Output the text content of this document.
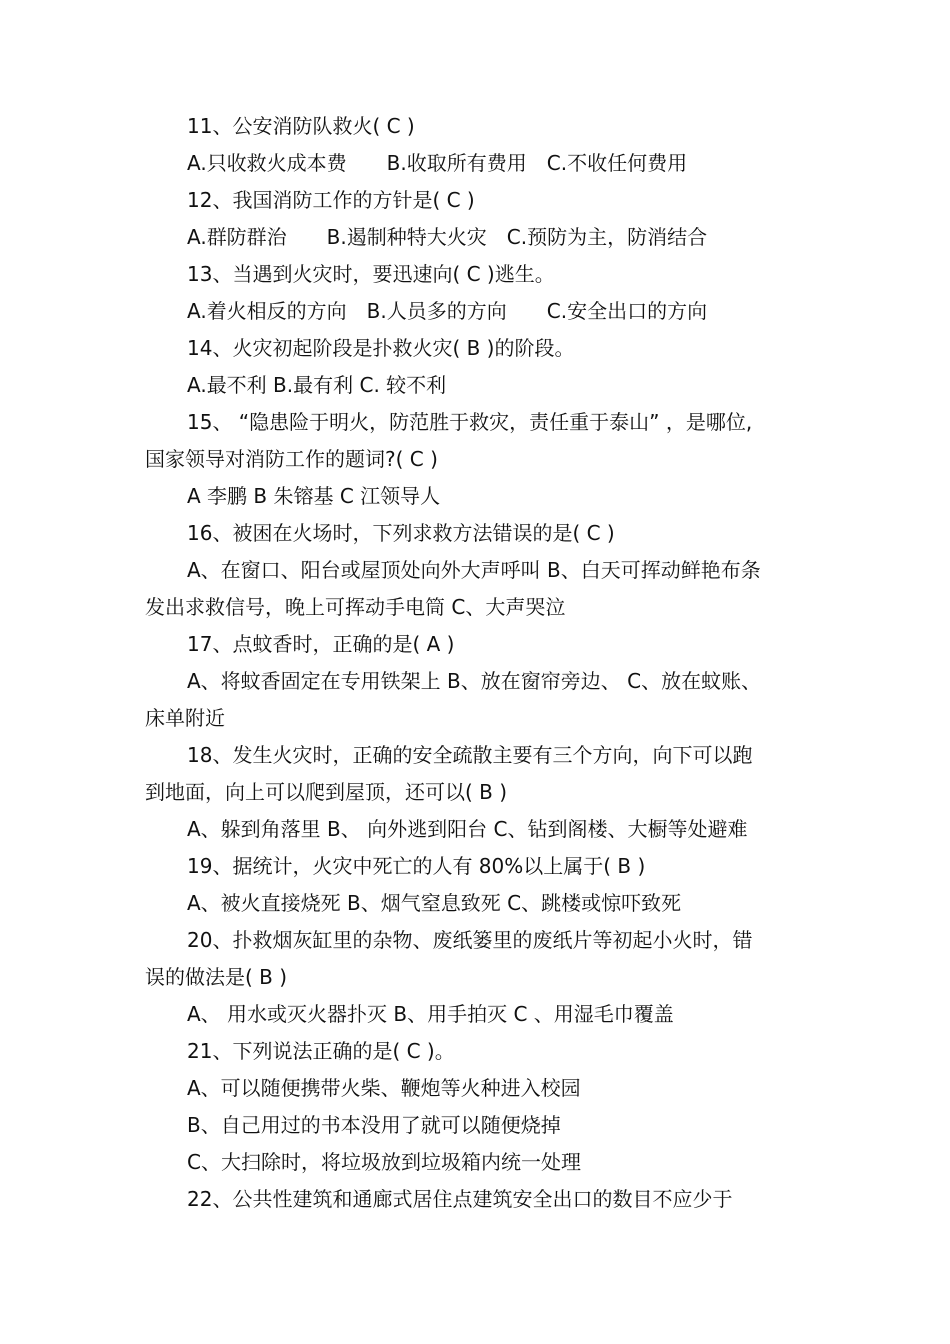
11、公安消防队救火( C )
A.只收救火成本费　 B.收取所有费用　C.不收任何费用
12、我国消防工作的方针是( C )
A.群防群治　 B.遏制种特大火灾　C.预防为主，防消结合
13、当遇到火灾时，要迅速向( C )逃生。
A.着火相反的方向　B.人员多的方向　 C.安全出口的方向
14、火灾初起阶段是扑救火灾( B )的阶段。
A.最不利 B.最有利 C. 较不利
15、 “隐患险于明火，防范胜于救灾，责任重于泰山” ，是哪位,
国家领导对消防工作的题词?( C )
A 李鹏 B 朱镕基 C 江领导人
16、被困在火场时，下列求救方法错误的是( C )
A、在窗口、阳台或屋顶处向外大声呼叫 B、白天可挥动鲜艳布条
发出求救信号，晚上可挥动手电筒 C、大声哭泣
17、点蚊香时，正确的是( A )
A、将蚊香固定在专用铁架上 B、放在窗帘旁边、 C、放在蚊账、
床单附近
18、发生火灾时，正确的安全疏散主要有三个方向，向下可以跑
到地面，向上可以爬到屋顶，还可以( B )
A、躲到角落里 B、 向外逃到阳台 C、钻到阁楼、大橱等处避难
19、据统计，火灾中死亡的人有 80%以上属于( B )
A、被火直接烧死 B、烟气窒息致死 C、跳楼或惊吓致死
20、扑救烟灰缸里的杂物、废纸篓里的废纸片等初起小火时，错
误的做法是( B )
A、 用水或灭火器扑灭 B、用手拍灭 C 、用湿毛巾覆盖
21、下列说法正确的是( C )。
A、可以随便携带火柴、鞭炮等火种进入校园
B、自己用过的书本没用了就可以随便烧掉
C、大扫除时，将垃圾放到垃圾箱内统一处理
22、公共性建筑和通廊式居住点建筑安全出口的数目不应少于
